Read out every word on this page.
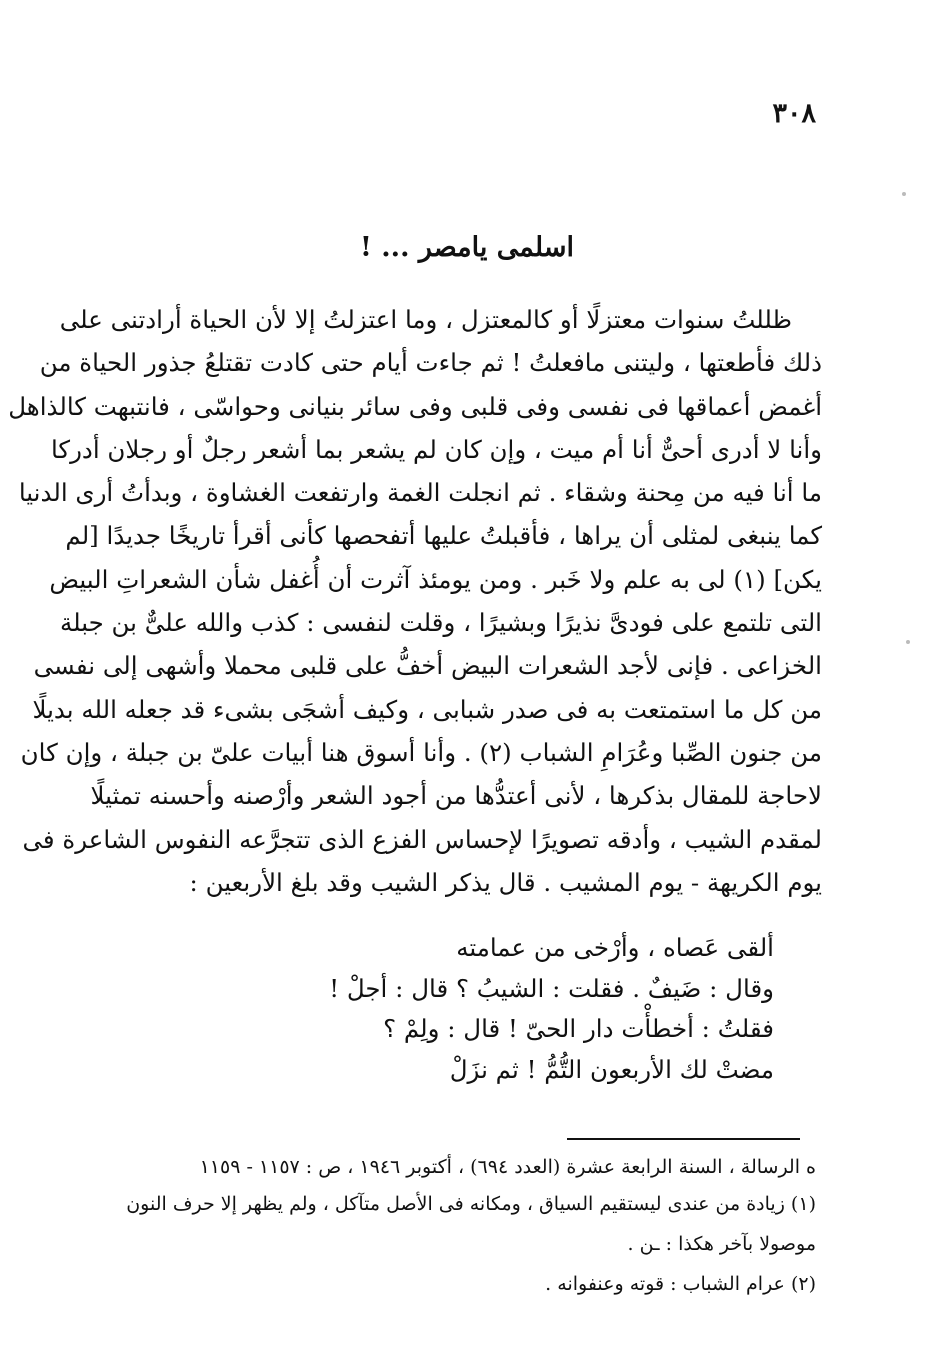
٣٠٨
اسلمى يامصر ... !
ظللتُ سنوات معتزلًا أو كالمعتزل ، وما اعتزلتُ إلا لأن الحياة أرادتنى على
ذلك فأطعتها ، وليتنى مافعلتُ ! ثم جاءت أيام حتى كادت تقتلعُ جذور الحياة من
أغمض أعماقها فى نفسى وفى قلبى وفى سائر بنيانى وحواسّى ، فانتبهت كالذاهل
وأنا لا أدرى أحىٌّ أنا أم ميت ، وإن كان لم يشعر بما أشعر رجلٌ أو رجلان أدركا
ما أنا فيه من مِحنة وشقاء . ثم انجلت الغمة وارتفعت الغشاوة ، وبدأتُ أرى الدنيا
كما ينبغى لمثلى أن يراها ، فأقبلتُ عليها أتفحصها كأنى أقرأ تاريخًا جديدًا [لم
يكن] (١) لى به علم ولا خَبر . ومن يومئذ آثرت أن أُغفل شأن الشعراتِ البيض
التى تلتمع على فودىَّ نذيرًا وبشيرًا ، وقلت لنفسى : كذب والله علىٌّ بن جبلة
الخزاعى . فإنى لأجد الشعرات البيض أخفُّ على قلبى محملا وأشهى إلى نفسى
من كل ما استمتعت به فى صدر شبابى ، وكيف أشجَى بشىء قد جعله الله بديلًا
من جنون الصِّبا وعُرَامِ الشباب (٢) . وأنا أسوق هنا أبيات علىّ بن جبلة ، وإن كان
لاحاجة للمقال بذكرها ، لأنى أعتدُّها من أجود الشعر وأرْصنه وأحسنه تمثيلًا
لمقدم الشيب ، وأدقه تصويرًا لإحساس الفزع الذى تتجرَّعه النفوس الشاعرة فى
يوم الكريهة - يوم المشيب . قال يذكر الشيب وقد بلغ الأربعين :
ألقى عَصاه ، وأرْخى من عمامته
وقال : ضَيفٌ . فقلت : الشيبُ ؟ قال : أجلْ !
فقلتُ : أخطأْت دار الحىّ ! قال : ولِمْ ؟
مضتْ لك الأربعون التُّمُّ ! ثم نزَلْ
ه الرسالة ، السنة الرابعة عشرة (العدد ٦٩٤) ، أكتوبر ١٩٤٦ ، ص : ١١٥٧ - ١١٥٩
(١) زيادة من عندى ليستقيم السياق ، ومكانه فى الأصل متآكل ، ولم يظهر إلا حرف النون
موصولا بآخر هكذا : ـن .
(٢) عرام الشباب : قوته وعنفوانه .
